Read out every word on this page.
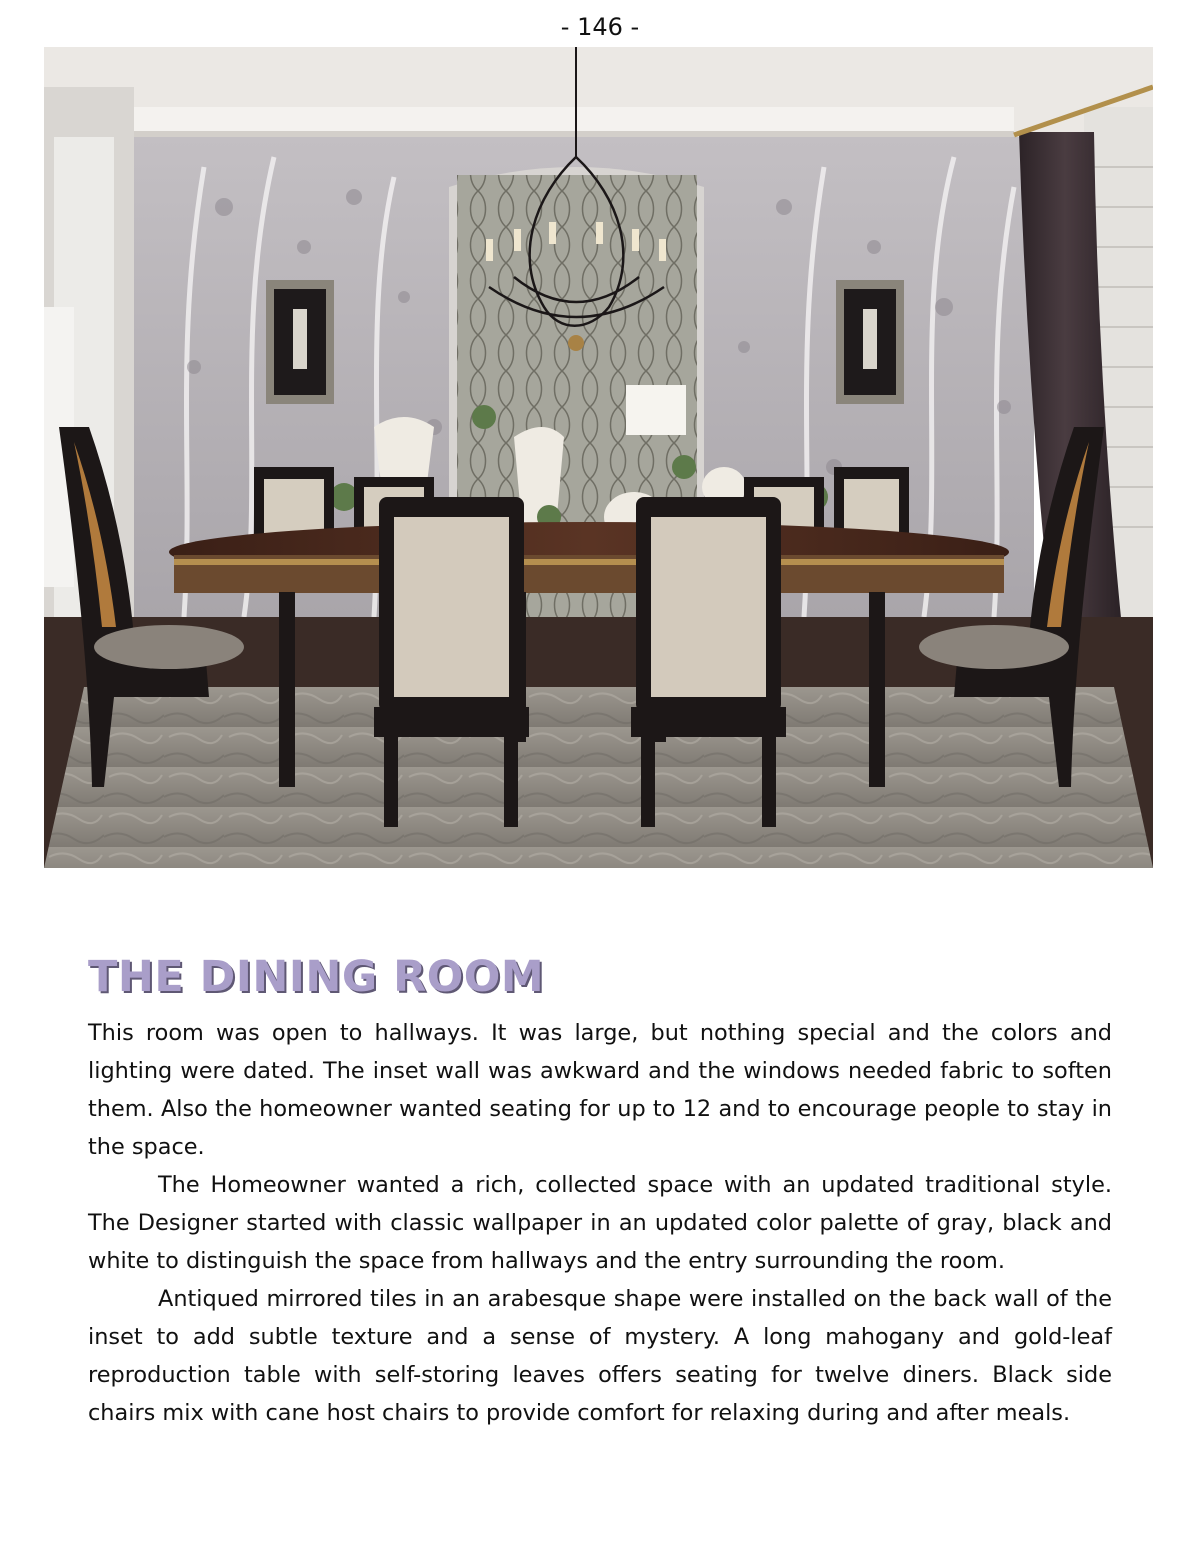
- 146 -
THE DINING ROOM

This room was open to hallways. It was large, but nothing special and the colors and lighting were dated. The inset wall was awkward and the windows needed fabric to soften them. Also the homeowner wanted seating for up to 12 and to encourage people to stay in the space.

The Homeowner wanted a rich, collected space with an updated traditional style. The Designer started with classic wallpaper in an updated color palette of gray, black and white to distinguish the space from hallways and the entry surrounding the room.

Antiqued mirrored tiles in an arabesque shape were installed on the back wall of the inset to add subtle texture and a sense of mystery. A long mahogany and gold-leaf reproduction table with self-storing leaves offers seating for twelve diners. Black side chairs mix with cane host chairs to provide comfort for relaxing during and after meals.
